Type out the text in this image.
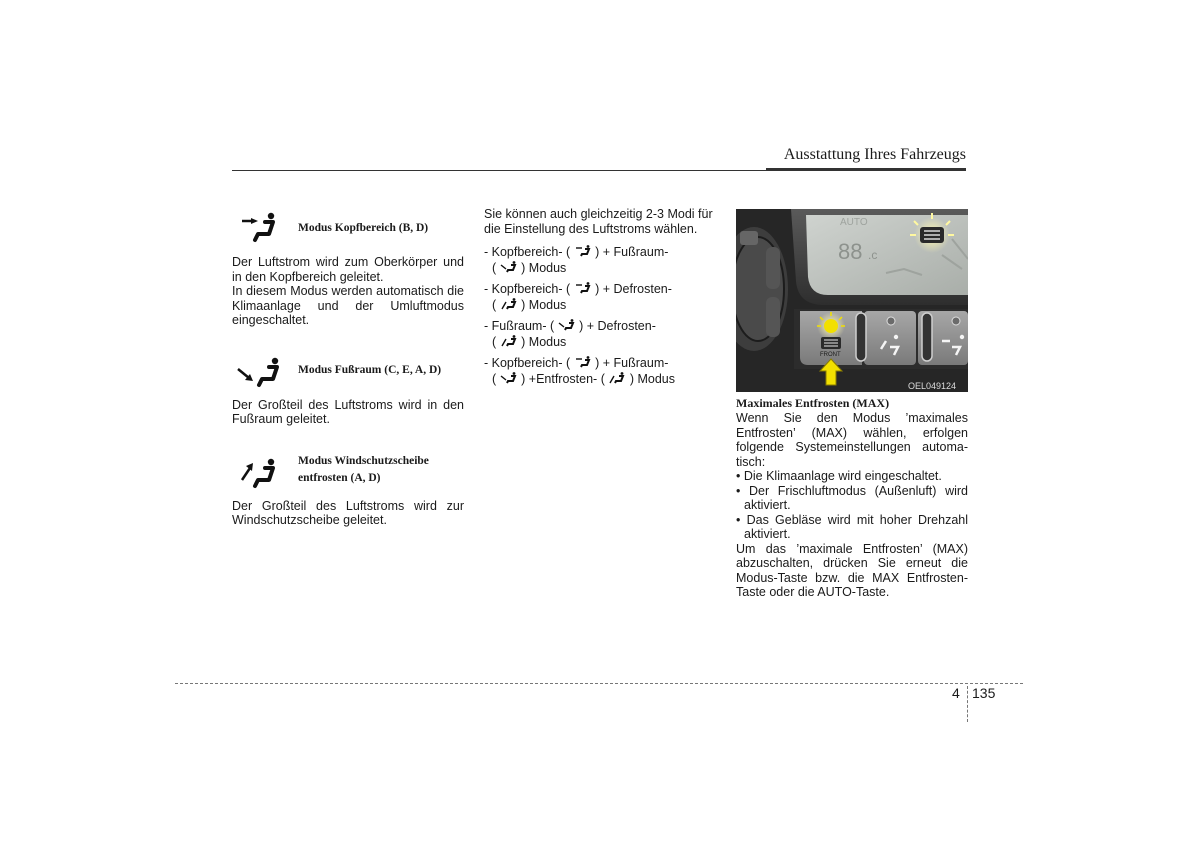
Ausstattung Ihres Fahrzeugs
Modus Kopfbereich (B, D)

Der Luftstrom wird zum Oberkörper und in den Kopfbereich geleitet.

In diesem Modus werden automatisch die Klimaanlage und der Umluftmodus eingeschaltet.

Modus Fußraum (C, E, A, D)

Der Großteil des Luftstroms wird in den Fußraum geleitet.

Modus Windschutzscheibe
entfrosten (A, D)

Der Großteil des Luftstroms wird zur Windschutzscheibe geleitet.

Sie können auch gleichzeitig 2-3 Modi für die Einstellung des Luftstroms wählen.

- Kopfbereich- ( ) + Fußraum-
( ) Modus
- Kopfbereich- ( ) + Defrosten-
( ) Modus
- Fußraum- ( ) + Defrosten-
( ) Modus
- Kopfbereich- ( ) + Fußraum-
( ) +Entfrosten- ( ) Modus
88 .c
AUTO
FRONT
OEL049124
Maximales Entfrosten (MAX)

Wenn Sie den Modus ’maximales Entfrosten’ (MAX) wählen, erfolgen folgende Systemeinstellungen automa-tisch:

• Die Klimaanlage wird eingeschaltet.
• Der Frischluftmodus (Außenluft) wird aktiviert.
• Das Gebläse wird mit hoher Drehzahl aktiviert.

Um das ’maximale Entfrosten’ (MAX) abzuschalten, drücken Sie erneut die Modus-Taste bzw. die MAX Entfrosten-Taste oder die AUTO-Taste.

4 135
